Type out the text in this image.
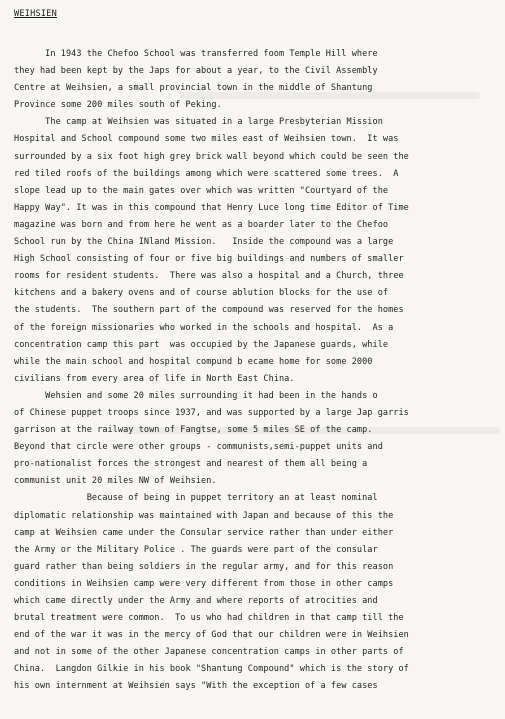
WEIHSIEN
In 1943 the Chefoo School was transferred foom Temple Hill where
they had been kept by the Japs for about a year, to the Civil Assembly
Centre at Weihsien, a small provincial town in the middle of Shantung
Province some 200 miles south of Peking.
The camp at Weihsien was situated in a large Presbyterian Mission
Hospital and School compound some two miles east of Weihsien town.  It was
surrounded by a six foot high grey brick wall beyond which could be seen the
red tiled roofs of the buildings among which were scattered some trees.  A
slope lead up to the main gates over which was written "Courtyard of the
Happy Way". It was in this compound that Henry Luce long time Editor of Time
magazine was born and from here he went as a boarder later to the Chefoo
School run by the China INland Mission.   Inside the compound was a large
High School consisting of four or five big buildings and numbers of smaller
rooms for resident students.  There was also a hospital and a Church, three
kitchens and a bakery ovens and of course ablution blocks for the use of
the students.  The southern part of the compound was reserved for the homes
of the foreign missionaries who worked in the schools and hospital.  As a
concentration camp this part  was occupied by the Japanese guards, while
while the main school and hospital compund b ecame home for some 2000
civilians from every area of life in North East China.
Wehsien and some 20 miles surrounding it had been in the hands o
of Chinese puppet troops since 1937, and was supported by a large Jap garris
garrison at the railway town of Fangtse, some 5 miles SE of the camp.
Beyond that circle were other groups - communists,semi-puppet units and
pro-nationalist forces the strongest and nearest of them all being a
communist unit 20 miles NW of Weihsien.
Because of being in puppet territory an at least nominal
diplomatic relationship was maintained with Japan and because of this the
camp at Weihsien came under the Consular service rather than under either
the Army or the Military Police . The guards were part of the consular
guard rather than being soldiers in the regular army, and for this reason
conditions in Weihsien camp were very different from those in other camps
which came directly under the Army and where reports of atrocities and
brutal treatment were common.  To us who had children in that camp till the
end of the war it was in the mercy of God that our children were in Weihsien
and not in some of the other Japanese concentration camps in other parts of
China.  Langdon Gilkie in his book "Shantung Compound" which is the story of
his own internment at Weihsien says "With the exception of a few cases
